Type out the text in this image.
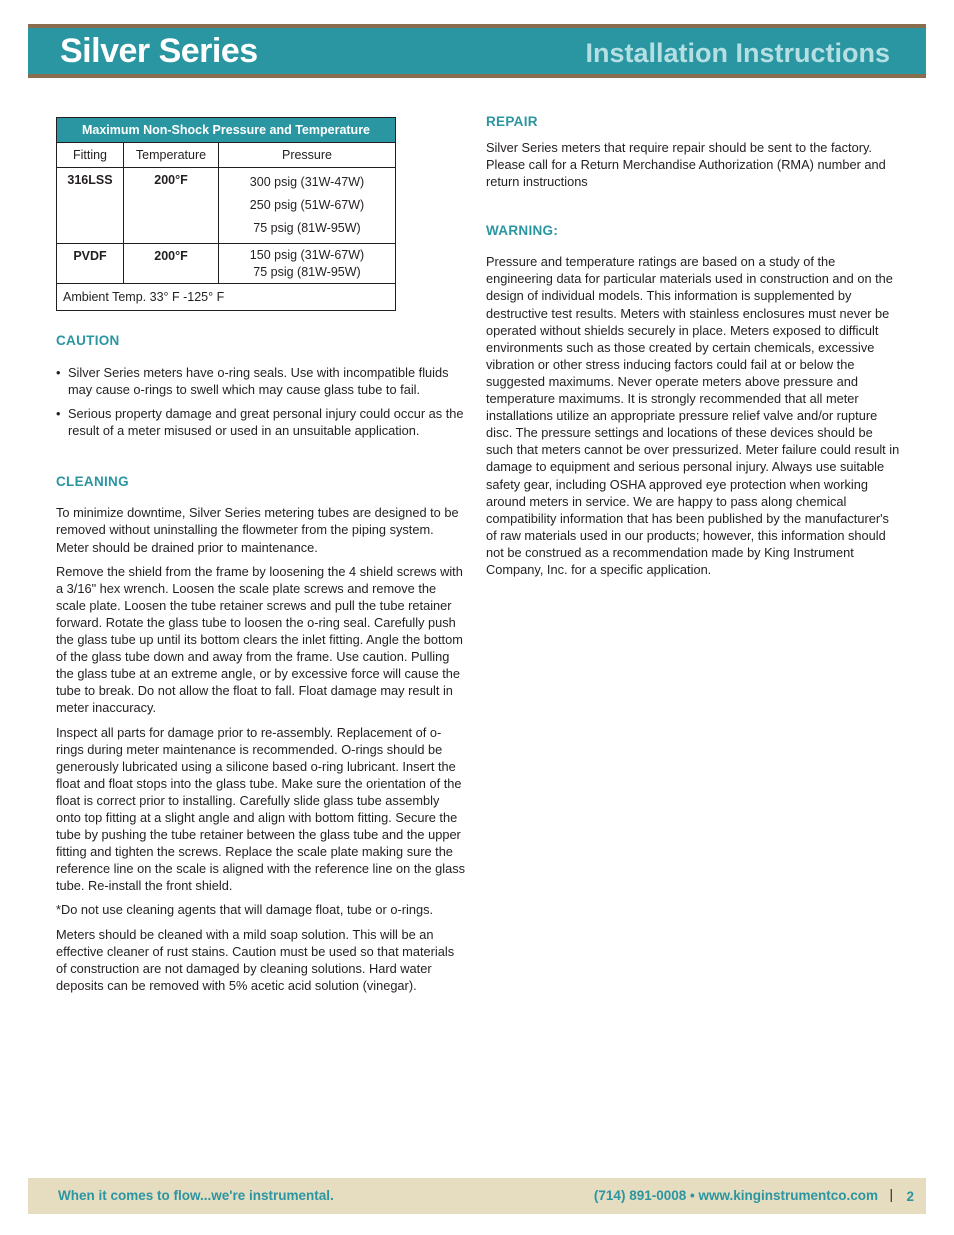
Silver Series	Installation Instructions
Maximum Non-Shock Pressure and Temperature		
Fitting	Temperature	Pressure
316LSS	200°F	300 psig (31W-47W)
250 psig (51W-67W)
75 psig (81W-95W)

PVDF	200°F	150 psig (31W-67W)
75 psig (81W-95W)

Ambient Temp. 33° F -125° F		
CAUTION
• Silver Series meters have o-ring seals. Use with incompatible fluids may cause o-rings to swell which may cause glass tube to fail.
• Serious property damage and great personal injury could occur as the result of a meter misused or used in an unsuitable application.
CLEANING

To minimize downtime, Silver Series metering tubes are designed to be removed without uninstalling the flowmeter from the piping system. Meter should be drained prior to maintenance.

Remove the shield from the frame by loosening the 4 shield screws with a 3/16" hex wrench. Loosen the scale plate screws and remove the scale plate. Loosen the tube retainer screws and pull the tube retainer forward. Rotate the glass tube to loosen the o-ring seal. Carefully push the glass tube up until its bottom clears the inlet fitting. Angle the bottom of the glass tube down and away from the frame. Use caution. Pulling the glass tube at an extreme angle, or by excessive force will cause the tube to break. Do not allow the float to fall. Float damage may result in meter inaccuracy.

Inspect all parts for damage prior to re-assembly. Replacement of o-rings during meter maintenance is recommended. O-rings should be generously lubricated using a silicone based o-ring lubricant. Insert the float and float stops into the glass tube. Make sure the orientation of the float is correct prior to installing. Carefully slide glass tube assembly onto top fitting at a slight angle and align with bottom fitting. Secure the tube by pushing the tube retainer between the glass tube and the upper fitting and tighten the screws. Replace the scale plate making sure the reference line on the scale is aligned with the reference line on the glass tube. Re-install the front shield.

*Do not use cleaning agents that will damage float, tube or o-rings.

Meters should be cleaned with a mild soap solution. This will be an effective cleaner of rust stains. Caution must be used so that materials of construction are not damaged by cleaning solutions. Hard water deposits can be removed with 5% acetic acid solution (vinegar).

REPAIR

Silver Series meters that require repair should be sent to the factory. Please call for a Return Merchandise Authorization (RMA) number and return instructions

WARNING:

Pressure and temperature ratings are based on a study of the engineering data for particular materials used in construction and on the design of individual models. This information is supplemented by destructive test results. Meters with stainless enclosures must never be operated without shields securely in place. Meters exposed to difficult environments such as those created by certain chemicals, excessive vibration or other stress inducing factors could fail at or below the suggested maximums. Never operate meters above pressure and temperature maximums. It is strongly recommended that all meter installations utilize an appropriate pressure relief valve and/or rupture disc. The pressure settings and locations of these devices should be such that meters cannot be over pressurized. Meter failure could result in damage to equipment and serious personal injury. Always use suitable safety gear, including OSHA approved eye protection when working around meters in service. We are happy to pass along chemical compatibility information that has been published by the manufacturer's of raw materials used in our products; however, this information should not be construed as a recommendation made by King Instrument Company, Inc. for a specific application.

When it comes to flow...we're instrumental.	(714) 891-0008 • www.kinginstrumentco.com | 2
